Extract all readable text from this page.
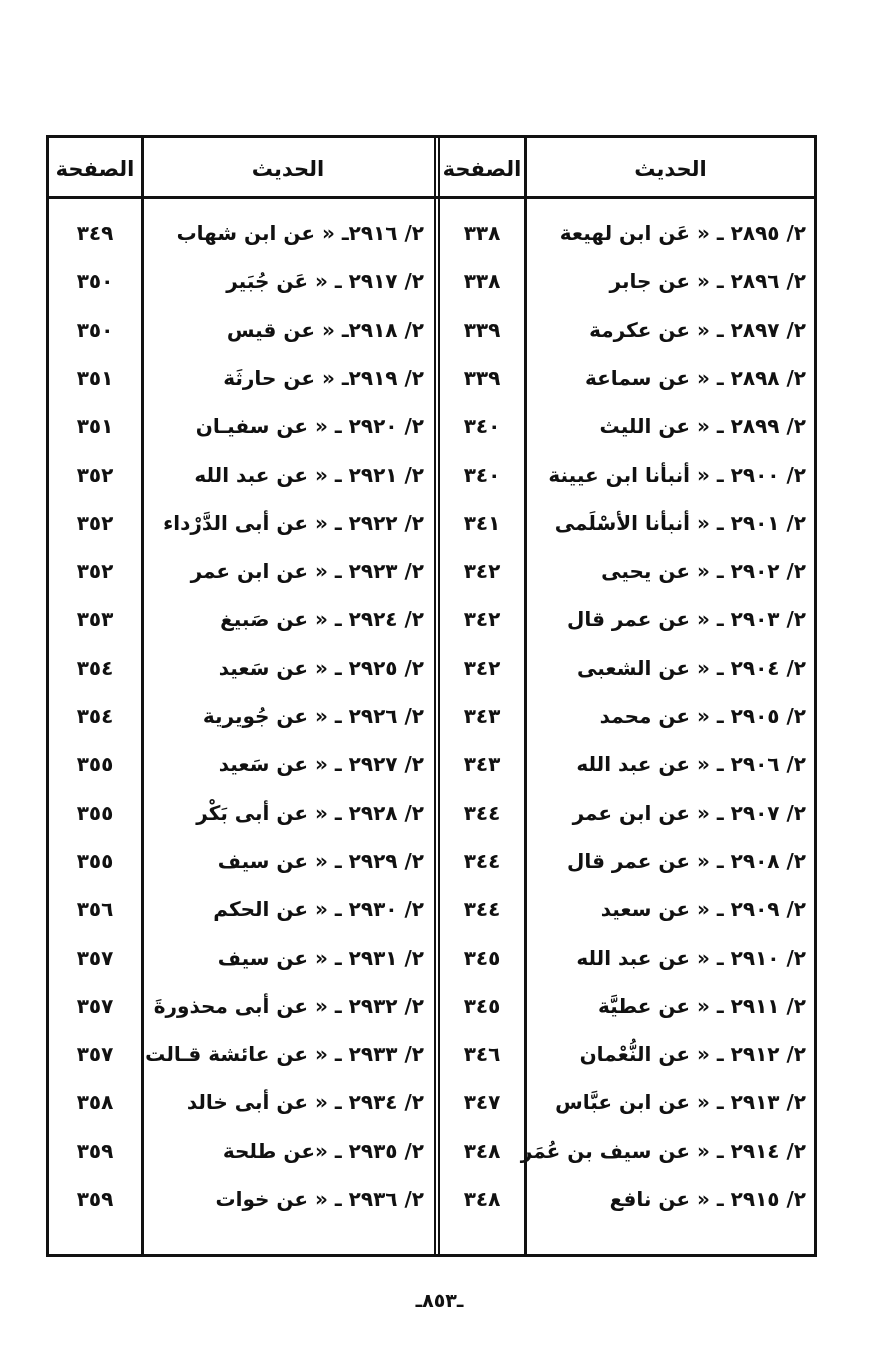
الحديث
الصفحة
الحديث
الصفحة
٢/ ٢٨٩٥ ـ « عَن ابن لهيعة
٣٣٨
٢/ ٢٨٩٦ ـ « عن جابر
٣٣٨
٢/ ٢٨٩٧ ـ « عن عكرمة
٣٣٩
٢/ ٢٨٩٨ ـ « عن سماعة
٣٣٩
٢/ ٢٨٩٩ ـ « عن الليث
٣٤٠
٢/ ٢٩٠٠ ـ « أنبأنا ابن عيينة
٣٤٠
٢/ ٢٩٠١ ـ « أنبأنا الأسْلَمى
٣٤١
٢/ ٢٩٠٢ ـ « عن يحيى
٣٤٢
٢/ ٢٩٠٣ ـ « عن عمر قال
٣٤٢
٢/ ٢٩٠٤ ـ « عن الشعبى
٣٤٢
٢/ ٢٩٠٥ ـ « عن محمد
٣٤٣
٢/ ٢٩٠٦ ـ « عن عبد الله
٣٤٣
٢/ ٢٩٠٧ ـ « عن ابن عمر
٣٤٤
٢/ ٢٩٠٨ ـ « عن عمر قال
٣٤٤
٢/ ٢٩٠٩ ـ « عن سعيد
٣٤٤
٢/ ٢٩١٠ ـ « عن عبد الله
٣٤٥
٢/ ٢٩١١ ـ « عن عطيَّة
٣٤٥
٢/ ٢٩١٢ ـ « عن النُّعْمان
٣٤٦
٢/ ٢٩١٣ ـ « عن ابن عبَّاس
٣٤٧
٢/ ٢٩١٤ ـ « عن سيف بن عُمَر
٣٤٨
٢/ ٢٩١٥ ـ « عن نافع
٣٤٨
٢/ ٢٩١٦ـ « عن ابن شهاب
٣٤٩
٢/ ٢٩١٧ ـ « عَن جُبَير
٣٥٠
٢/ ٢٩١٨ـ « عن قيس
٣٥٠
٢/ ٢٩١٩ـ « عن حارثَة
٣٥١
٢/ ٢٩٢٠ ـ « عن سفيـان
٣٥١
٢/ ٢٩٢١ ـ « عن عبد الله
٣٥٢
٢/ ٢٩٢٢ ـ « عن أبى الدَّرْداء
٣٥٢
٢/ ٢٩٢٣ ـ « عن ابن عمر
٣٥٢
٢/ ٢٩٢٤ ـ « عن صَبيغ
٣٥٣
٢/ ٢٩٢٥ ـ « عن سَعيد
٣٥٤
٢/ ٢٩٢٦ ـ « عن جُويرية
٣٥٤
٢/ ٢٩٢٧ ـ « عن سَعيد
٣٥٥
٢/ ٢٩٢٨ ـ « عن أبى بَكْر
٣٥٥
٢/ ٢٩٢٩ ـ « عن سيف
٣٥٥
٢/ ٢٩٣٠ ـ « عن الحكم
٣٥٦
٢/ ٢٩٣١ ـ « عن سيف
٣٥٧
٢/ ٢٩٣٢ ـ « عن أبى محذورةَ
٣٥٧
٢/ ٢٩٣٣ ـ « عن عائشة قـالت
٣٥٧
٢/ ٢٩٣٤ ـ « عن أبى خالد
٣٥٨
٢/ ٢٩٣٥ ـ «عن طلحة
٣٥٩
٢/ ٢٩٣٦ ـ « عن خوات
٣٥٩
ـ٨٥٣ـ
